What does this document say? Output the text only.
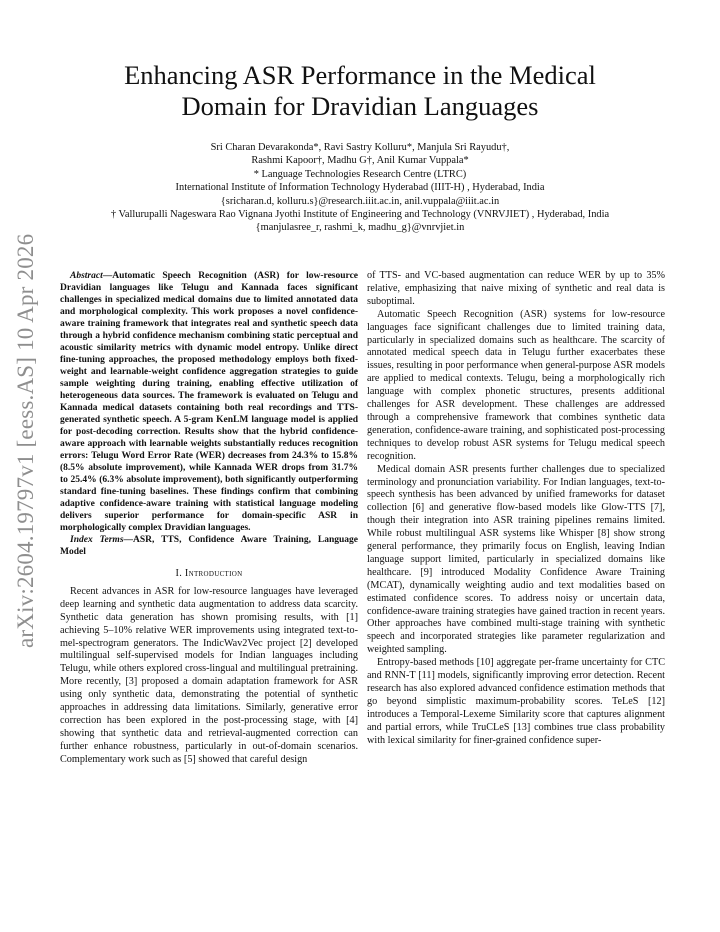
arXiv:2604.19797v1 [eess.AS] 10 Apr 2026
Enhancing ASR Performance in the Medical
Domain for Dravidian Languages
Sri Charan Devarakonda*, Ravi Sastry Kolluru*, Manjula Sri Rayudu†,
Rashmi Kapoor†, Madhu G†, Anil Kumar Vuppala*
* Language Technologies Research Centre (LTRC)
International Institute of Information Technology Hyderabad (IIIT-H) , Hyderabad, India
{sricharan.d, kolluru.s}@research.iiit.ac.in, anil.vuppala@iiit.ac.in
† Vallurupalli Nageswara Rao Vignana Jyothi Institute of Engineering and Technology (VNRVJIET) , Hyderabad, India
{manjulasree_r, rashmi_k, madhu_g}@vnrvjiet.in

Abstract—Automatic Speech Recognition (ASR) for low-resource Dravidian languages like Telugu and Kannada faces significant challenges in specialized medical domains due to limited annotated data and morphological complexity. This work proposes a novel confidence-aware training framework that integrates real and synthetic speech data through a hybrid confidence mechanism combining static perceptual and acoustic similarity metrics with dynamic model entropy. Unlike direct fine-tuning approaches, the proposed methodology employs both fixed-weight and learnable-weight confidence aggregation strategies to guide sample weighting during training, enabling effective utilization of heterogeneous data sources. The framework is evaluated on Telugu and Kannada medical datasets containing both real recordings and TTS-generated synthetic speech. A 5-gram KenLM language model is applied for post-decoding correction. Results show that the hybrid confidence-aware approach with learnable weights substantially reduces recognition errors: Telugu Word Error Rate (WER) decreases from 24.3% to 15.8% (8.5% absolute improvement), while Kannada WER drops from 31.7% to 25.4% (6.3% absolute improvement), both significantly outperforming standard fine-tuning baselines. These findings confirm that combining adaptive confidence-aware training with statistical language modeling delivers superior performance for domain-specific ASR in morphologically complex Dravidian languages.

Index Terms—ASR, TTS, Confidence Aware Training, Language Model

I. Introduction

Recent advances in ASR for low-resource languages have leveraged deep learning and synthetic data augmentation to address data scarcity. Synthetic data generation has shown promising results, with [1] achieving 5–10% relative WER improvements using integrated text-to-mel-spectrogram generators. The IndicWav2Vec project [2] developed multilingual self-supervised models for Indian languages including Telugu, while others explored cross-lingual and multilingual pretraining. More recently, [3] proposed a domain adaptation framework for ASR using only synthetic data, demonstrating the potential of synthetic approaches in addressing data limitations. Similarly, generative error correction has been explored in the post-processing stage, with [4] showing that synthetic data and retrieval-augmented correction can further enhance robustness, particularly in out-of-domain scenarios. Complementary work such as [5] showed that careful design

of TTS- and VC-based augmentation can reduce WER by up to 35% relative, emphasizing that naive mixing of synthetic and real data is suboptimal.

Automatic Speech Recognition (ASR) systems for low-resource languages face significant challenges due to limited training data, particularly in specialized domains such as healthcare. The scarcity of annotated medical speech data in Telugu further exacerbates these issues, resulting in poor performance when general-purpose ASR models are applied to medical contexts. Telugu, being a morphologically rich language with complex phonetic structures, presents additional challenges for ASR development. These challenges are addressed through a comprehensive framework that combines synthetic data generation, confidence-aware training, and sophisticated post-processing techniques to develop robust ASR systems for Telugu medical speech recognition.

Medical domain ASR presents further challenges due to specialized terminology and pronunciation variability. For Indian languages, text-to-speech synthesis has been advanced by unified frameworks for dataset collection [6] and generative flow-based models like Glow-TTS [7], though their integration into ASR training pipelines remains limited. While robust multilingual ASR systems like Whisper [8] show strong general performance, they primarily focus on English, leaving Indian language support limited, particularly in specialized domains like healthcare. [9] introduced Modality Confidence Aware Training (MCAT), dynamically weighting audio and text modalities based on estimated confidence scores. To address noisy or uncertain data, confidence-aware training strategies have gained traction in recent years. Other approaches have combined multi-stage training with synthetic speech and incorporated strategies like parameter regularization and weighted sampling.

Entropy-based methods [10] aggregate per-frame uncertainty for CTC and RNN-T [11] models, significantly improving error detection. Recent research has also explored advanced confidence estimation methods that go beyond simplistic maximum-probability scores. TeLeS [12] introduces a Temporal-Lexeme Similarity score that captures alignment and partial errors, while TruCLeS [13] combines true class probability with lexical similarity for finer-grained confidence super-
